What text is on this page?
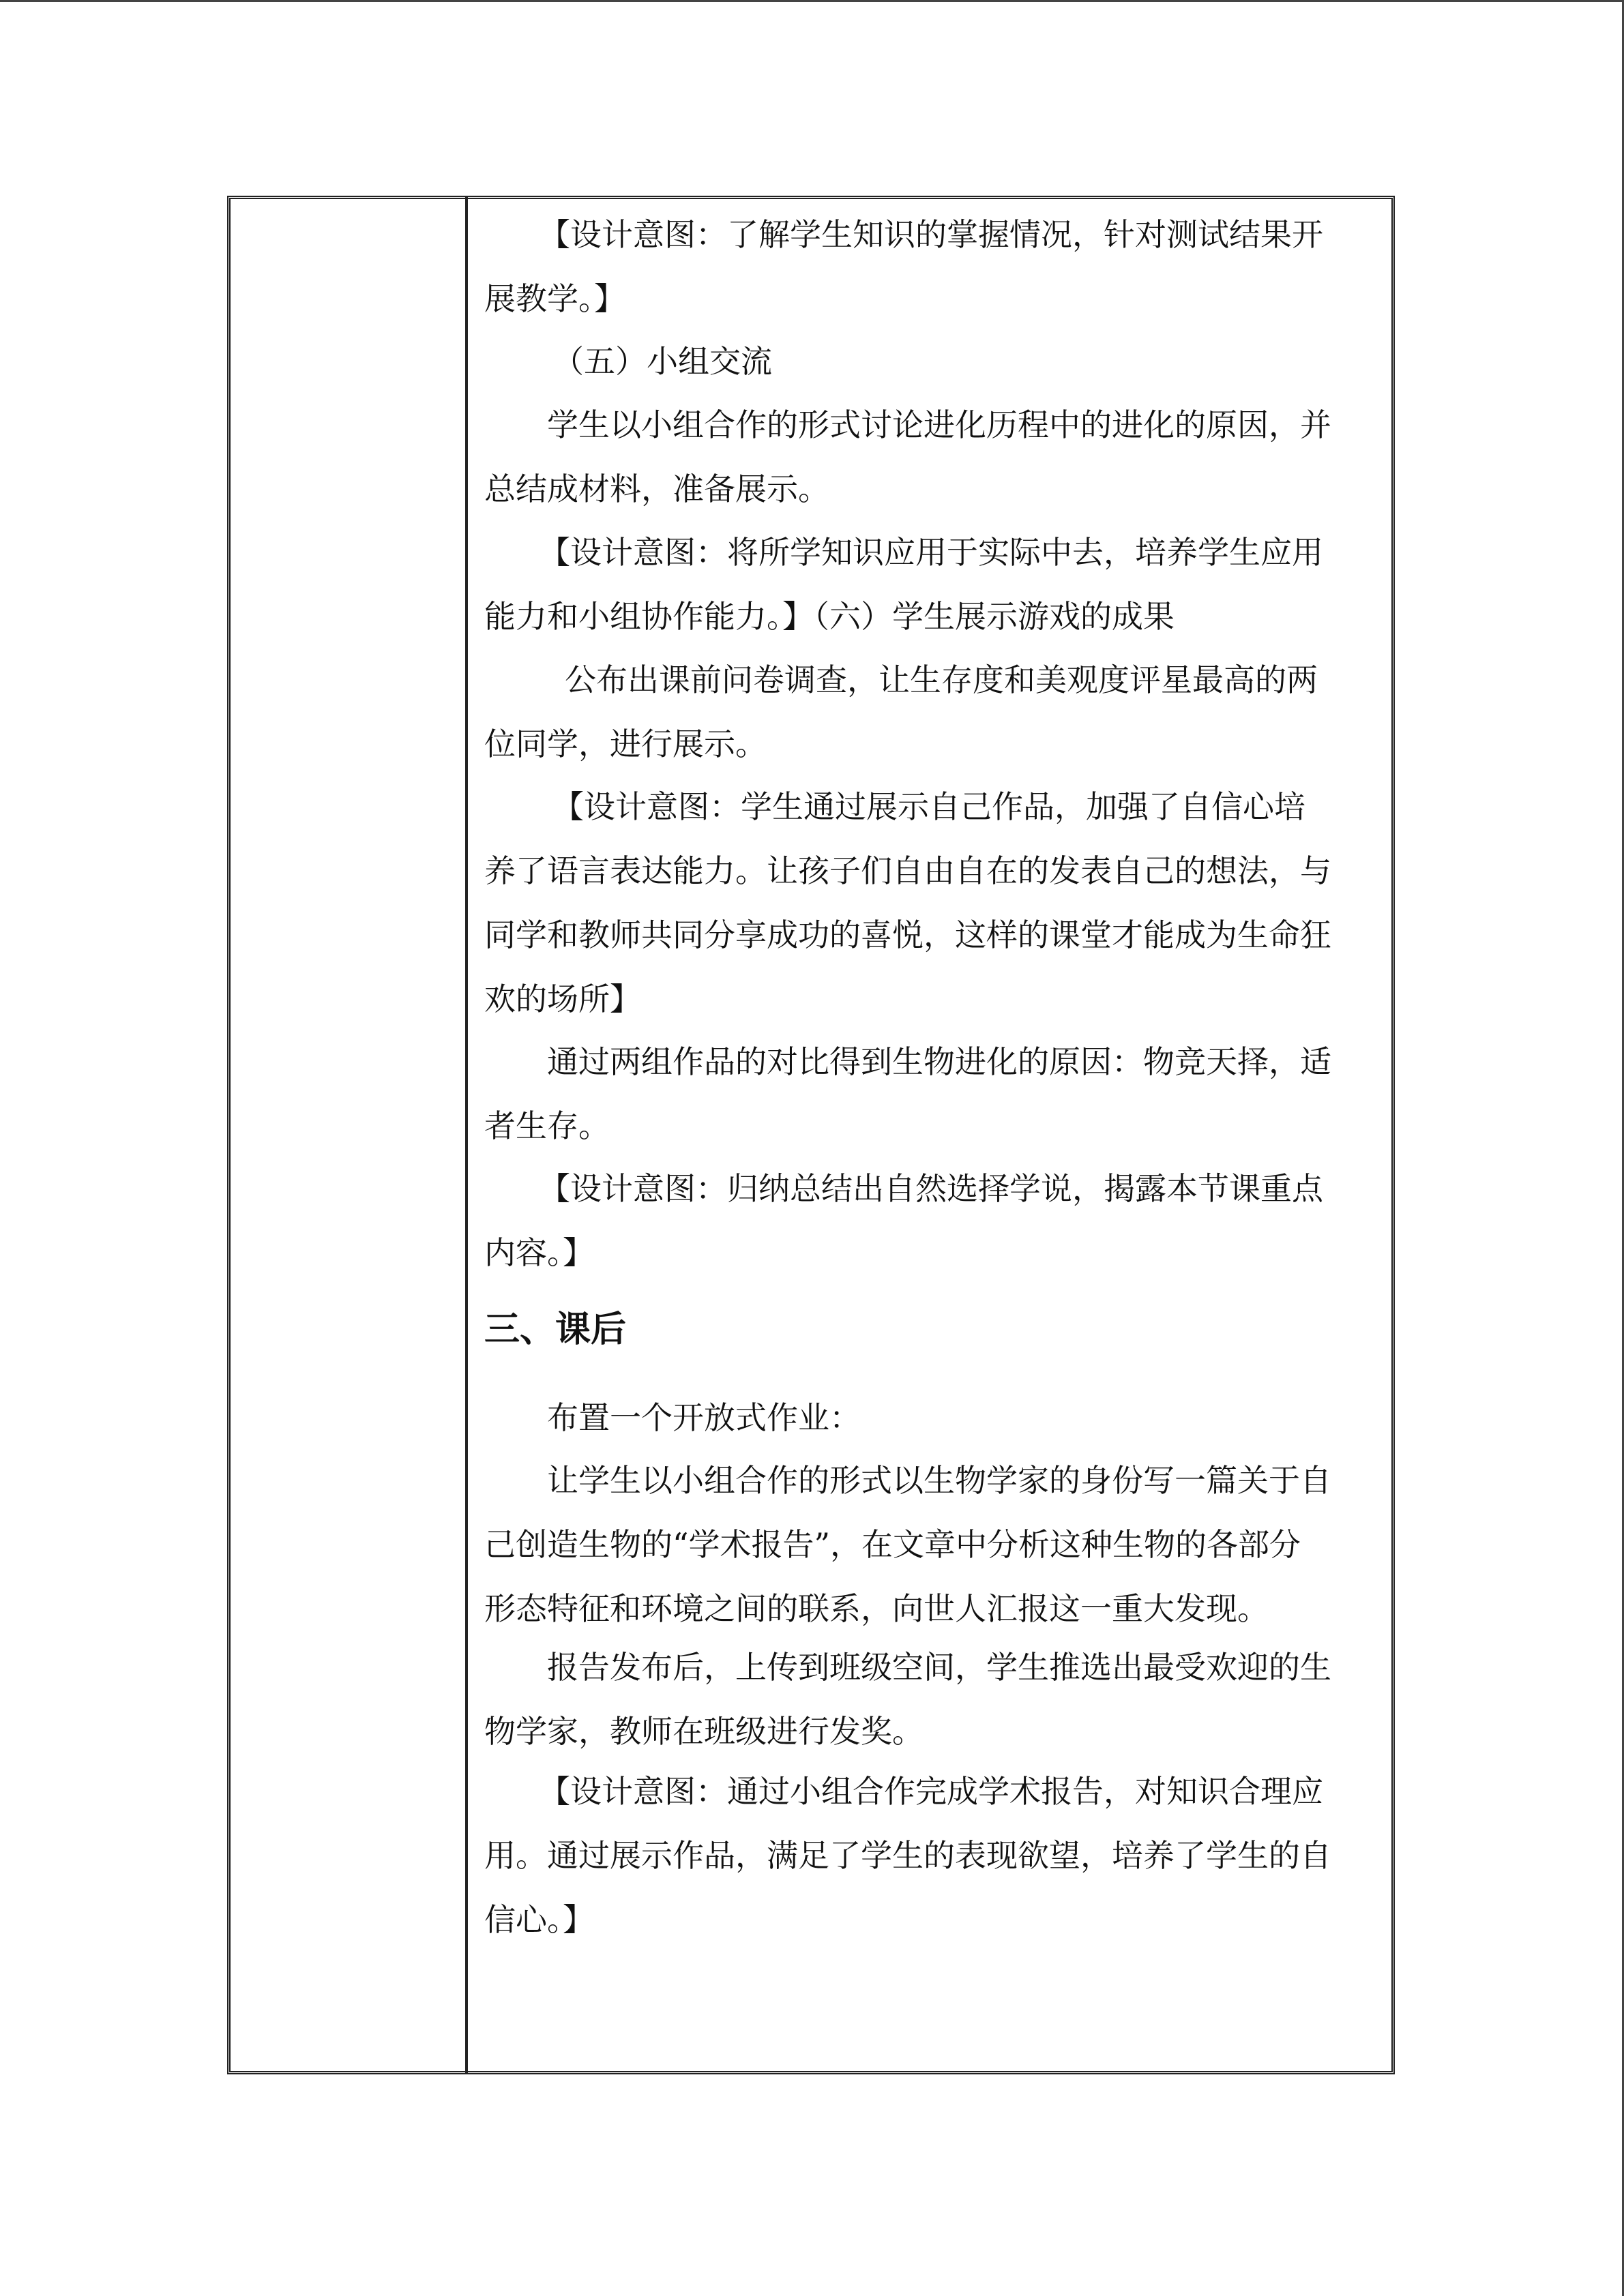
【设计意图：了解学生知识的掌握情况，针对测试结果开
展教学。】
（五）小组交流
学生以小组合作的形式讨论进化历程中的进化的原因，并
总结成材料，准备展示。
【设计意图：将所学知识应用于实际中去，培养学生应用
能力和小组协作能力。】（六）学生展示游戏的成果
公布出课前问卷调查，让生存度和美观度评星最高的两
位同学，进行展示。
【设计意图：学生通过展示自己作品，加强了自信心培
养了语言表达能力。让孩子们自由自在的发表自己的想法，与
同学和教师共同分享成功的喜悦，这样的课堂才能成为生命狂
欢的场所】
通过两组作品的对比得到生物进化的原因：物竞天择，适
者生存。
【设计意图：归纳总结出自然选择学说，揭露本节课重点
内容。】
三、课后
布置一个开放式作业：
让学生以小组合作的形式以生物学家的身份写一篇关于自
己创造生物的“学术报告”，在文章中分析这种生物的各部分
形态特征和环境之间的联系，向世人汇报这一重大发现。
报告发布后，上传到班级空间，学生推选出最受欢迎的生
物学家，教师在班级进行发奖。
【设计意图：通过小组合作完成学术报告，对知识合理应
用。通过展示作品，满足了学生的表现欲望，培养了学生的自
信心。】
